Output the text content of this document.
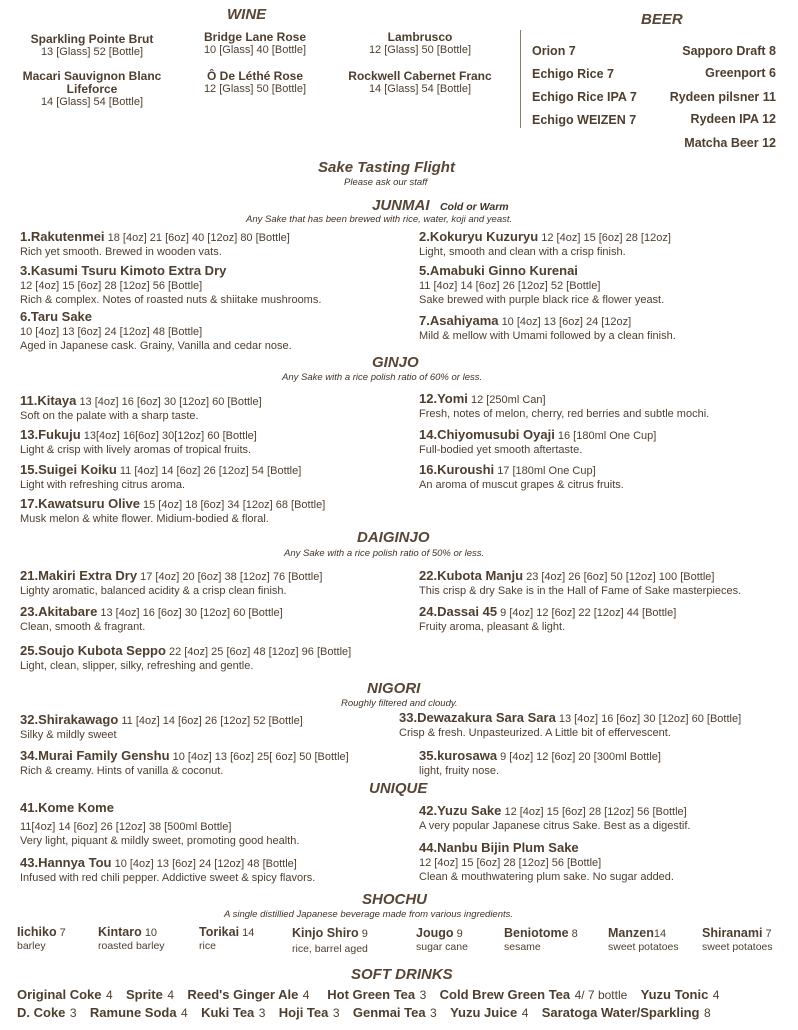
WINE
Sparkling Pointe Brut
13 [Glass] 52 [Bottle]
Macari Sauvignon Blanc Lifeforce
14 [Glass] 54 [Bottle]
Bridge Lane Rose
10 [Glass] 40 [Bottle]
Ô De Léthé Rose
12 [Glass] 50 [Bottle]
Lambrusco
12 [Glass] 50 [Bottle]
Rockwell Cabernet Franc
14 [Glass] 54 [Bottle]
BEER
Orion 7
Echigo Rice 7
Echigo Rice IPA 7
Echigo WEIZEN 7
Sapporo Draft 8
Greenport 6
Rydeen pilsner 11
Rydeen IPA 12
Matcha Beer 12
Sake Tasting Flight
Please ask our staff
JUNMAI Cold or Warm
Any Sake that has been brewed with rice, water, koji and yeast.
1.Rakutenmei 18 [4oz] 21 [6oz] 40 [12oz] 80 [Bottle]
Rich yet smooth. Brewed in wooden vats.
2.Kokuryu Kuzuryu 12 [4oz] 15 [6oz] 28 [12oz]
Light, smooth and clean with a crisp finish.
3.Kasumi Tsuru Kimoto Extra Dry
12 [4oz] 15 [6oz] 28 [12oz] 56 [Bottle]
Rich & complex. Notes of roasted nuts & shiitake mushrooms.
5.Amabuki Ginno Kurenai
11 [4oz] 14 [6oz] 26 [12oz] 52 [Bottle]
Sake brewed with purple black rice & flower yeast.
6.Taru Sake
10 [4oz] 13 [6oz] 24 [12oz] 48 [Bottle]
Aged in Japanese cask. Grainy, Vanilla and cedar nose.
7.Asahiyama 10 [4oz] 13 [6oz] 24 [12oz]
Mild & mellow with Umami followed by a clean finish.
GINJO
Any Sake with a rice polish ratio of 60% or less.
11.Kitaya 13 [4oz] 16 [6oz] 30 [12oz] 60 [Bottle]
Soft on the palate with a sharp taste.
12.Yomi 12 [250ml Can]
Fresh, notes of melon, cherry, red berries and subtle mochi.
13.Fukuju 13[4oz] 16[6oz] 30[12oz] 60 [Bottle]
Light & crisp with lively aromas of tropical fruits.
14.Chiyomusubi Oyaji 16 [180ml One Cup]
Full-bodied yet smooth aftertaste.
15.Suigei Koiku 11 [4oz] 14 [6oz] 26 [12oz] 54 [Bottle]
Light with refreshing citrus aroma.
16.Kuroushi 17 [180ml One Cup]
An aroma of muscut grapes & citrus fruits.
17.Kawatsuru Olive 15 [4oz] 18 [6oz] 34 [12oz] 68 [Bottle]
Musk melon & white flower. Midium-bodied & floral.
DAIGINJO
Any Sake with a rice polish ratio of 50% or less.
21.Makiri Extra Dry 17 [4oz] 20 [6oz] 38 [12oz] 76 [Bottle]
Lighty aromatic, balanced acidity & a crisp clean finish.
22.Kubota Manju 23 [4oz] 26 [6oz] 50 [12oz] 100 [Bottle]
This crisp & dry Sake is in the Hall of Fame of Sake masterpieces.
23.Akitabare 13 [4oz] 16 [6oz] 30 [12oz] 60 [Bottle]
Clean, smooth & fragrant.
24.Dassai 45 9 [4oz] 12 [6oz] 22 [12oz] 44 [Bottle]
Fruity aroma, pleasant & light.
25.Soujo Kubota Seppo 22 [4oz] 25 [6oz] 48 [12oz] 96 [Bottle]
Light, clean, slipper, silky, refreshing and gentle.
NIGORI
Roughly filtered and cloudy.
32.Shirakawago 11 [4oz] 14 [6oz] 26 [12oz] 52 [Bottle]
Silky & mildly sweet
33.Dewazakura Sara Sara 13 [4oz] 16 [6oz] 30 [12oz] 60 [Bottle]
Crisp & fresh. Unpasteurized. A Little bit of effervescent.
34.Murai Family Genshu 10 [4oz] 13 [6oz] 25[ 6oz] 50 [Bottle]
Rich & creamy. Hints of vanilla & coconut.
35.kurosawa 9 [4oz] 12 [6oz] 20 [300ml Bottle]
light, fruity nose.
UNIQUE
41.Kome Kome
11[4oz] 14 [6oz] 26 [12oz] 38 [500ml Bottle]
Very light, piquant & mildly sweet, promoting good health.
42.Yuzu Sake 12 [4oz] 15 [6oz] 28 [12oz] 56 [Bottle]
A very popular Japanese citrus Sake. Best as a digestif.
43.Hannya Tou 10 [4oz] 13 [6oz] 24 [12oz] 48 [Bottle]
Infused with red chili pepper. Addictive sweet & spicy flavors.
44.Nanbu Bijin Plum Sake
12 [4oz] 15 [6oz] 28 [12oz] 56 [Bottle]
Clean & mouthwatering plum sake. No sugar added.
SHOCHU
A single distillied Japanese beverage made from various ingredients.
Iichiko 7
barley
Kintaro 10
roasted barley
Torikai 14
rice
Kinjo Shiro 9
rice, barrel aged
Jougo 9
sugar cane
Beniotome 8
sesame
Manzen14
sweet potatoes
Shiranami 7
sweet potatoes
SOFT DRINKS
Original Coke 4 Sprite 4 Reed's Ginger Ale 4 Hot Green Tea 3 Cold Brew Green Tea 4/ 7 bottle Yuzu Tonic 4
D. Coke 3 Ramune Soda 4 Kuki Tea 3 Hoji Tea 3 Genmai Tea 3 Yuzu Juice 4 Saratoga Water/Sparkling 8
